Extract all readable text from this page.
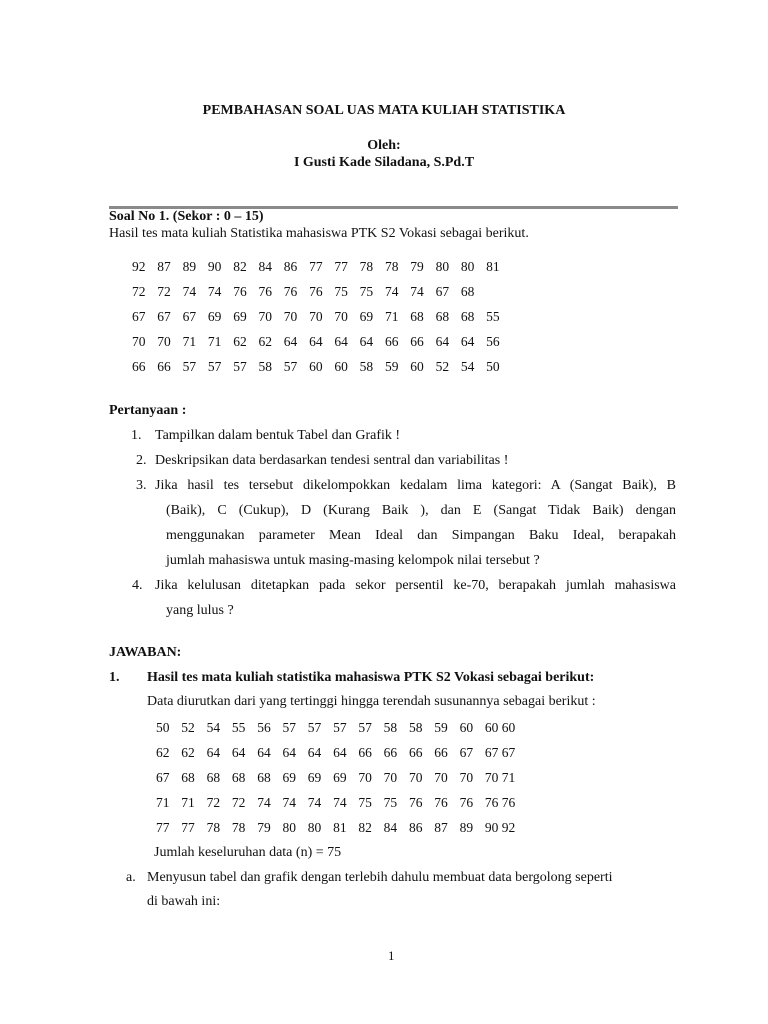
PEMBAHASAN SOAL UAS MATA KULIAH STATISTIKA
Oleh:
I Gusti Kade Siladana, S.Pd.T
Soal No 1. (Sekor : 0 – 15)
Hasil tes mata kuliah Statistika mahasiswa PTK S2 Vokasi sebagai berikut.
92 87 89 90 82 84 86 77 77 78 78 79 80 80 81
72 72 74 74 76 76 76 76 75 75 74 74 67 68
67 67 67 69 69 70 70 70 70 69 71 68 68 68 55
70 70 71 71 62 62 64 64 64 64 66 66 64 64 56
66 66 57 57 57 58 57 60 60 58 59 60 52 54 50
Pertanyaan :
1. Tampilkan dalam bentuk Tabel dan Grafik !
2. Deskripsikan data berdasarkan tendesi sentral dan variabilitas !
3. Jika hasil tes tersebut dikelompokkan kedalam lima kategori: A (Sangat Baik), B
(Baik), C (Cukup), D (Kurang Baik ), dan E (Sangat Tidak Baik) dengan
menggunakan parameter Mean Ideal dan Simpangan Baku Ideal, berapakah
jumlah mahasiswa untuk masing-masing kelompok nilai tersebut ?
4. Jika kelulusan ditetapkan pada sekor persentil ke-70, berapakah jumlah mahasiswa
yang lulus ?
JAWABAN:
1. Hasil tes mata kuliah statistika mahasiswa PTK S2 Vokasi sebagai berikut:
Data diurutkan dari yang tertinggi hingga terendah susunannya sebagai berikut :
50 52 54 55 56 57 57 57 57 58 58 59 60 60 60
62 62 64 64 64 64 64 64 66 66 66 66 67 67 67
67 68 68 68 68 69 69 69 70 70 70 70 70 70 71
71 71 72 72 74 74 74 74 75 75 76 76 76 76 76
77 77 78 78 79 80 80 81 82 84 86 87 89 90 92
Jumlah keseluruhan data (n) = 75
a. Menyusun tabel dan grafik dengan terlebih dahulu membuat data bergolong seperti
di bawah ini:
1
